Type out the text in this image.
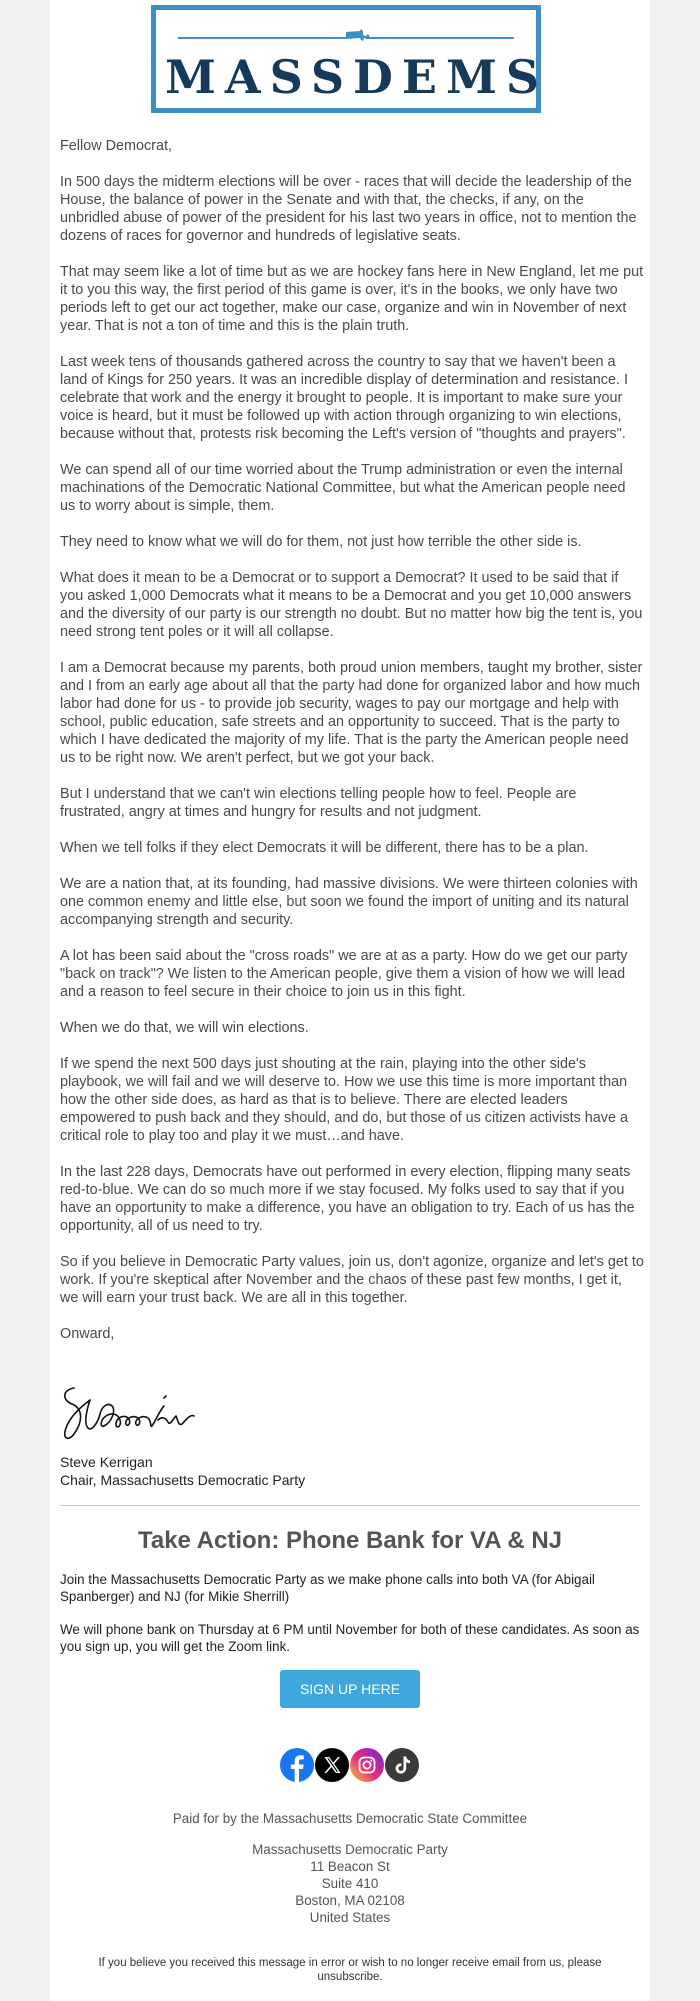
MASSDEMS

Fellow Democrat,

In 500 days the midterm elections will be over - races that will decide the leadership of the House, the balance of power in the Senate and with that, the checks, if any, on the unbridled abuse of power of the president for his last two years in office, not to mention the dozens of races for governor and hundreds of legislative seats.

That may seem like a lot of time but as we are hockey fans here in New England, let me put it to you this way, the first period of this game is over, it's in the books, we only have two periods left to get our act together, make our case, organize and win in November of next year. That is not a ton of time and this is the plain truth.

Last week tens of thousands gathered across the country to say that we haven't been a land of Kings for 250 years. It was an incredible display of determination and resistance. I celebrate that work and the energy it brought to people. It is important to make sure your voice is heard, but it must be followed up with action through organizing to win elections, because without that, protests risk becoming the Left's version of "thoughts and prayers".

We can spend all of our time worried about the Trump administration or even the internal machinations of the Democratic National Committee, but what the American people need us to worry about is simple, them.

They need to know what we will do for them, not just how terrible the other side is.

What does it mean to be a Democrat or to support a Democrat? It used to be said that if you asked 1,000 Democrats what it means to be a Democrat and you get 10,000 answers and the diversity of our party is our strength no doubt. But no matter how big the tent is, you need strong tent poles or it will all collapse.

I am a Democrat because my parents, both proud union members, taught my brother, sister and I from an early age about all that the party had done for organized labor and how much labor had done for us - to provide job security, wages to pay our mortgage and help with school, public education, safe streets and an opportunity to succeed. That is the party to which I have dedicated the majority of my life. That is the party the American people need us to be right now. We aren't perfect, but we got your back.

But I understand that we can't win elections telling people how to feel. People are frustrated, angry at times and hungry for results and not judgment.

When we tell folks if they elect Democrats it will be different, there has to be a plan.

We are a nation that, at its founding, had massive divisions. We were thirteen colonies with one common enemy and little else, but soon we found the import of uniting and its natural accompanying strength and security.

A lot has been said about the "cross roads" we are at as a party. How do we get our party "back on track"? We listen to the American people, give them a vision of how we will lead and a reason to feel secure in their choice to join us in this fight.

When we do that, we will win elections.

If we spend the next 500 days just shouting at the rain, playing into the other side's playbook, we will fail and we will deserve to. How we use this time is more important than how the other side does, as hard as that is to believe. There are elected leaders empowered to push back and they should, and do, but those of us citizen activists have a critical role to play too and play it we must…and have.

In the last 228 days, Democrats have out performed in every election, flipping many seats red-to-blue. We can do so much more if we stay focused. My folks used to say that if you have an opportunity to make a difference, you have an obligation to try. Each of us has the opportunity, all of us need to try.

So if you believe in Democratic Party values, join us, don't agonize, organize and let's get to work. If you're skeptical after November and the chaos of these past few months, I get it, we will earn your trust back. We are all in this together.

Onward,

Steve Kerrigan
Chair, Massachusetts Democratic Party
Take Action: Phone Bank for VA & NJ
Join the Massachusetts Democratic Party as we make phone calls into both VA (for Abigail Spanberger) and NJ (for Mikie Sherrill)
We will phone bank on Thursday at 6 PM until November for both of these candidates. As soon as you sign up, you will get the Zoom link.
SIGN UP HERE
Paid for by the Massachusetts Democratic State Committee
Massachusetts Democratic Party
11 Beacon St
Suite 410
Boston, MA 02108
United States
If you believe you received this message in error or wish to no longer receive email from us, please unsubscribe.
